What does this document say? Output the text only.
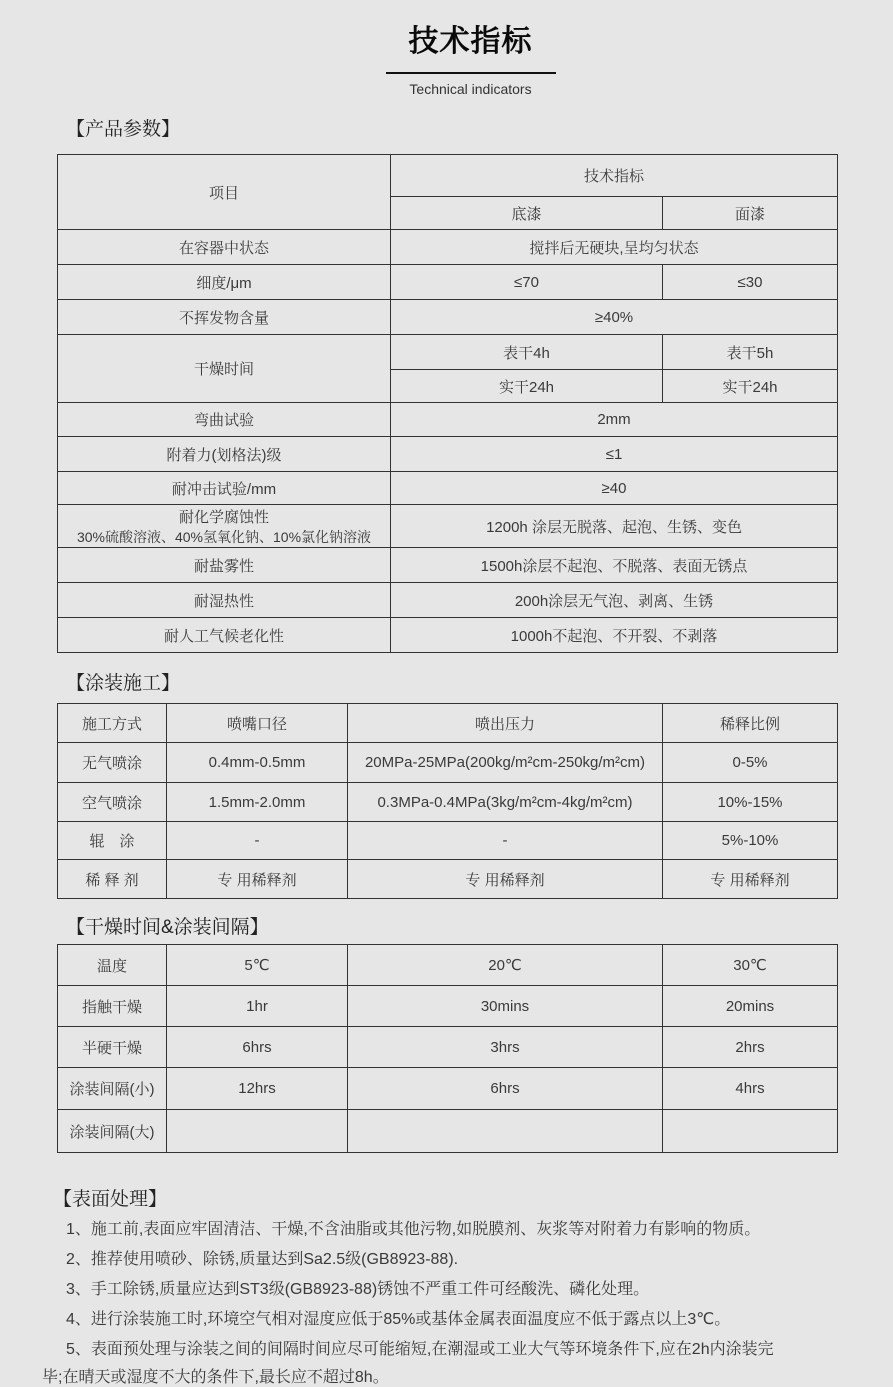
技术指标
Technical indicators
【产品参数】
项目	技术指标	
	底漆	面漆
在容器中状态	搅拌后无硬块,呈均匀状态	
细度/μm	≤70	≤30
不挥发物含量	≥40%	
干燥时间	表干4h	表干5h
	实干24h	实干24h
弯曲试验	2mm	
附着力(划格法)级	≤1	
耐冲击试验/mm	≥40	

耐化学腐蚀性
30%硫酸溶液、40%氢氧化钠、10%氯化钠溶液	1200h 涂层无脱落、起泡、生锈、变色	
耐盐雾性	1500h涂层不起泡、不脱落、表面无锈点	
耐湿热性	200h涂层无气泡、剥离、生锈	
耐人工气候老化性	1000h不起泡、不开裂、不剥落	
【涂装施工】
施工方式	喷嘴口径	喷出压力	稀释比例
无气喷涂	0.4mm-0.5mm	20MPa-25MPa(200kg/m²cm-250kg/m²cm)	0-5%
空气喷涂	1.5mm-2.0mm	0.3MPa-0.4MPa(3kg/m²cm-4kg/m²cm)	10%-15%
辊　涂	-	-	5%-10%
稀 释 剂	专 用稀释剂	专 用稀释剂	专 用稀释剂
【干燥时间&涂装间隔】
温度	5℃	20℃	30℃
指触干燥	1hr	30mins	20mins
半硬干燥	6hrs	3hrs	2hrs
涂装间隔(小)	12hrs	6hrs	4hrs
涂装间隔(大)			
【表面处理】

1、施工前,表面应牢固清洁、干燥,不含油脂或其他污物,如脱膜剂、灰浆等对附着力有影响的物质。

2、推荐使用喷砂、除锈,质量达到Sa2.5级(GB8923-88).

3、手工除锈,质量应达到ST3级(GB8923-88)锈蚀不严重工件可经酸洗、磷化处理。

4、进行涂装施工时,环境空气相对湿度应低于85%或基体金属表面温度应不低于露点以上3℃。

5、表面预处理与涂装之间的间隔时间应尽可能缩短,在潮湿或工业大气等环境条件下,应在2h内涂装完
毕;在晴天或湿度不大的条件下,最长应不超过8h。
